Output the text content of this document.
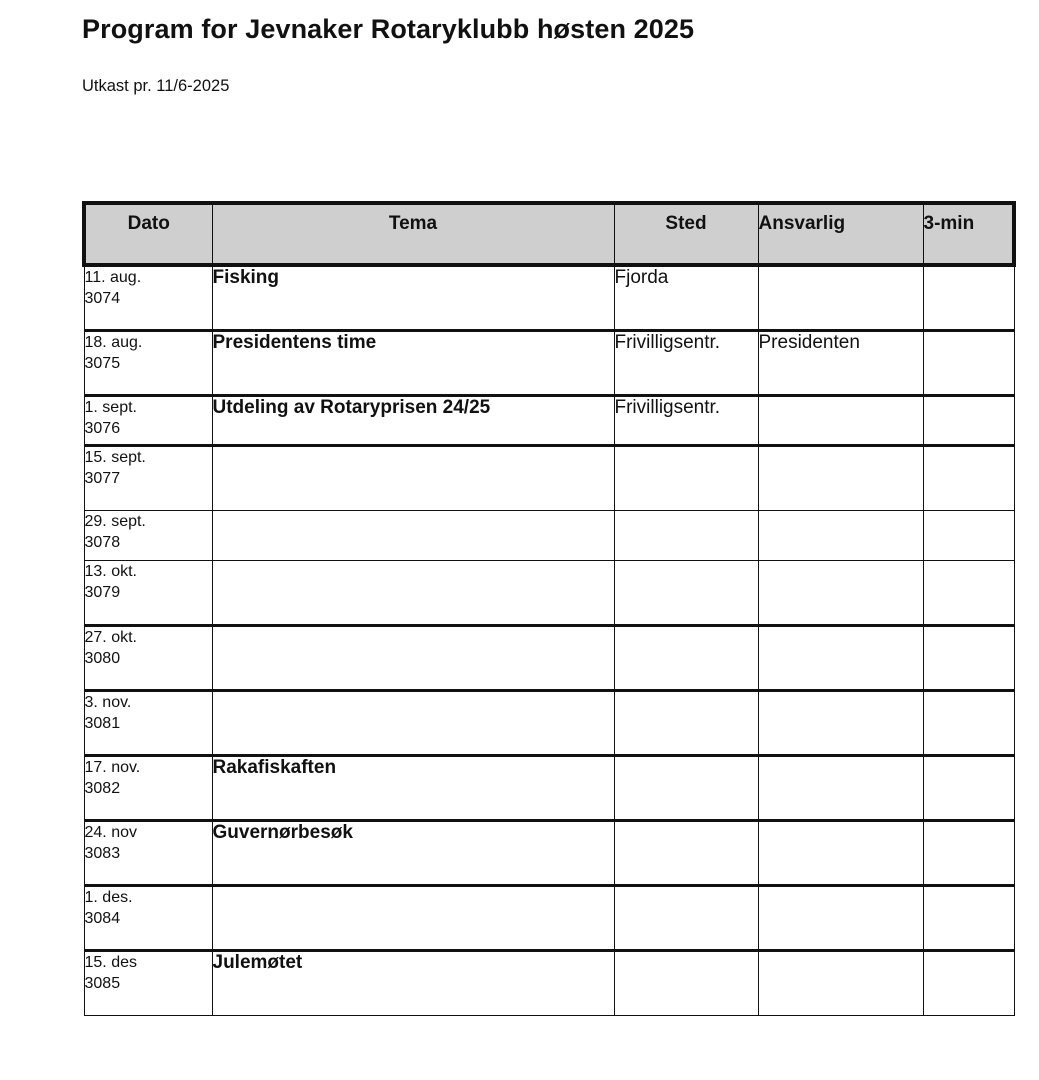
Program for Jevnaker Rotaryklubb høsten 2025

Utkast pr. 11/6-2025

Dato	Tema	Sted	Ansvarlig	3-min

11. aug.
3074	Fisking	Fjorda		

18. aug.
3075	Presidentens time	Frivilligsentr.	Presidenten	

1. sept.
3076	Utdeling av Rotaryprisen 24/25	Frivilligsentr.		

15. sept.
3077				

29. sept.
3078				

13. okt.
3079				

27. okt.
3080				

3. nov.
3081				

17. nov.
3082	Rakafiskaften			

24. nov
3083	Guvernørbesøk			

1. des.
3084				

15. des
3085	Julemøtet			
